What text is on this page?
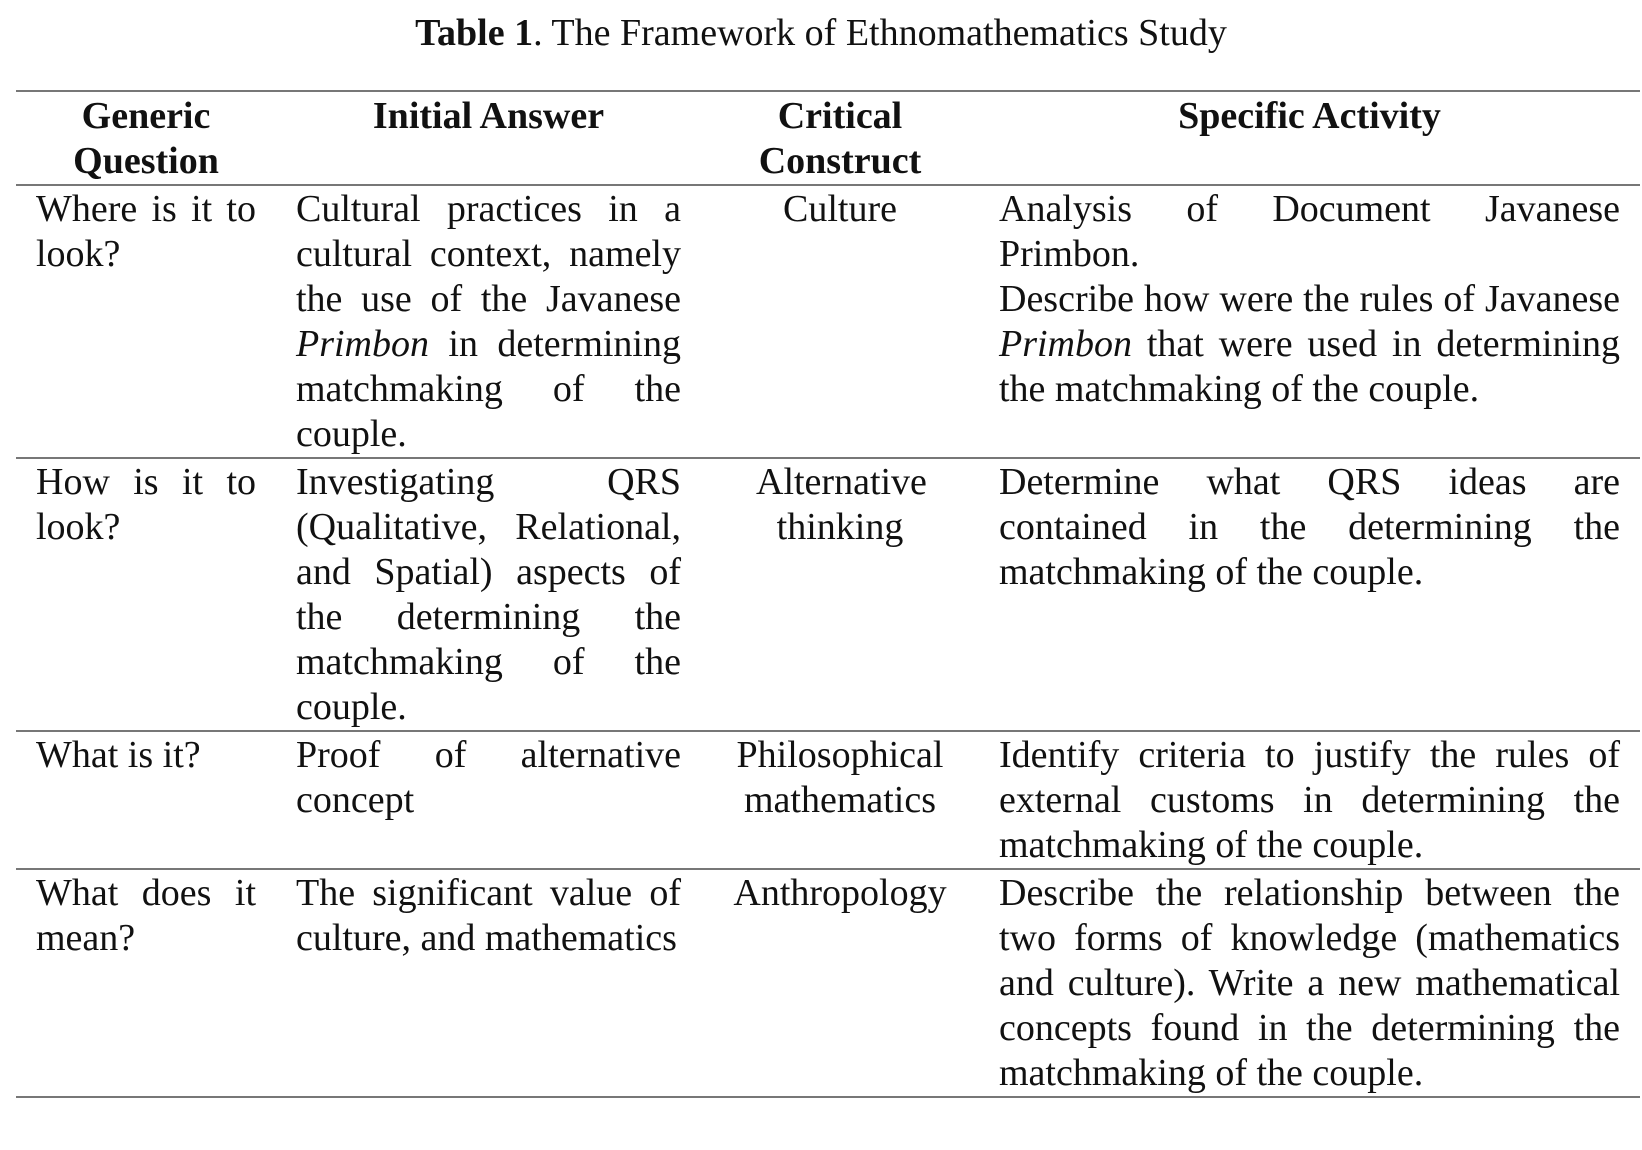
Table 1. The Framework of Ethnomathematics Study
Generic Question	Initial Answer	Critical Construct	Specific Activity
Where is it to look?	Cultural practices in a cultural context, namely the use of the Javanese Primbon in determining matchmaking of the couple.	Culture	Analysis of Document Javanese Primbon.
Describe how were the rules of Javanese Primbon that were used in determining the matchmaking of the couple.

How is it to look?	Investigating QRS (Qualitative, Relational, and Spatial) aspects of the determining the matchmaking of the couple.	Alternative thinking	Determine what QRS ideas are contained in the determining the matchmaking of the couple.
What is it?	Proof of alternative concept	Philosophical mathematics	Identify criteria to justify the rules of external customs in determining the matchmaking of the couple.
What does it mean?	The significant value of culture, and mathematics	Anthropology	Describe the relationship between the two forms of knowledge (mathematics and culture). Write a new mathematical concepts found in the determining the matchmaking of the couple.
